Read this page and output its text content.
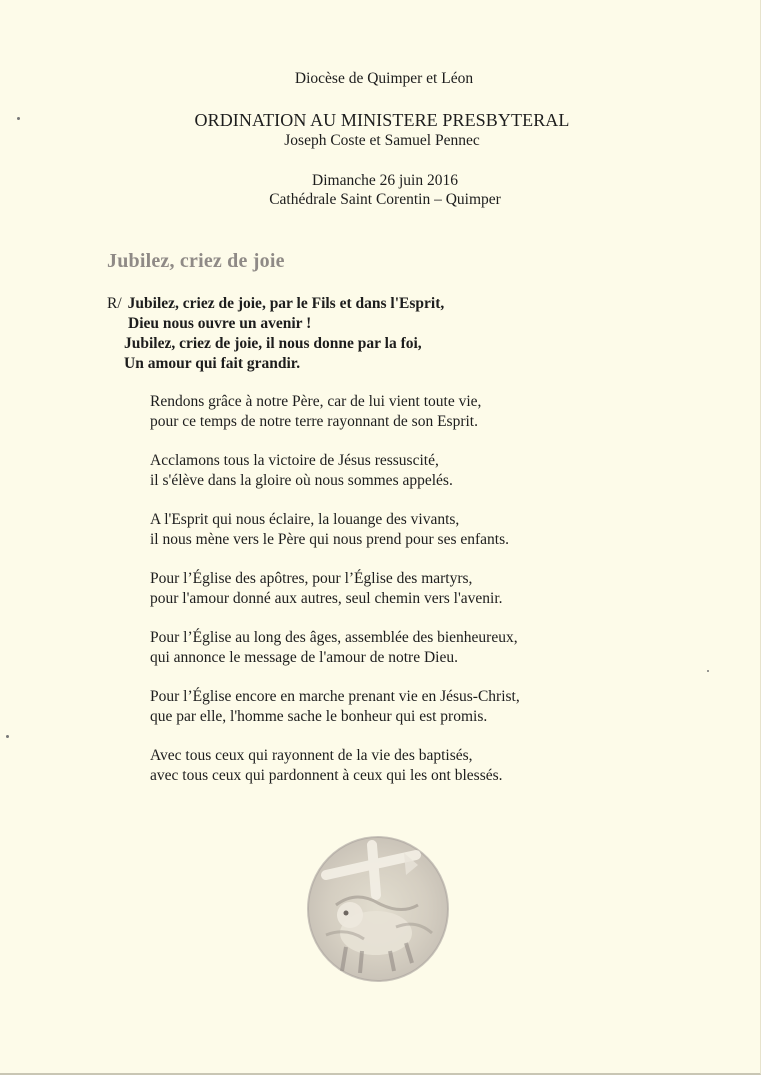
Diocèse de Quimper et Léon

ORDINATION AU MINISTERE PRESBYTERAL

Joseph Coste et Samuel Pennec

Dimanche 26 juin 2016

Cathédrale Saint Corentin – Quimper

Jubilez, criez de joie
R/ Jubilez, criez de joie, par le Fils et dans l'Esprit,
Dieu nous ouvre un avenir !
Jubilez, criez de joie, il nous donne par la foi,
Un amour qui fait grandir.
Rendons grâce à notre Père, car de lui vient toute vie,
pour ce temps de notre terre rayonnant de son Esprit.
Acclamons tous la victoire de Jésus ressuscité,
il s'élève dans la gloire où nous sommes appelés.
A l'Esprit qui nous éclaire, la louange des vivants,
il nous mène vers le Père qui nous prend pour ses enfants.
Pour l’Église des apôtres, pour l’Église des martyrs,
pour l'amour donné aux autres, seul chemin vers l'avenir.
Pour l’Église au long des âges, assemblée des bienheureux,
qui annonce le message de l'amour de notre Dieu.
Pour l’Église encore en marche prenant vie en Jésus-Christ,
que par elle, l'homme sache le bonheur qui est promis.
Avec tous ceux qui rayonnent de la vie des baptisés,
avec tous ceux qui pardonnent à ceux qui les ont blessés.
